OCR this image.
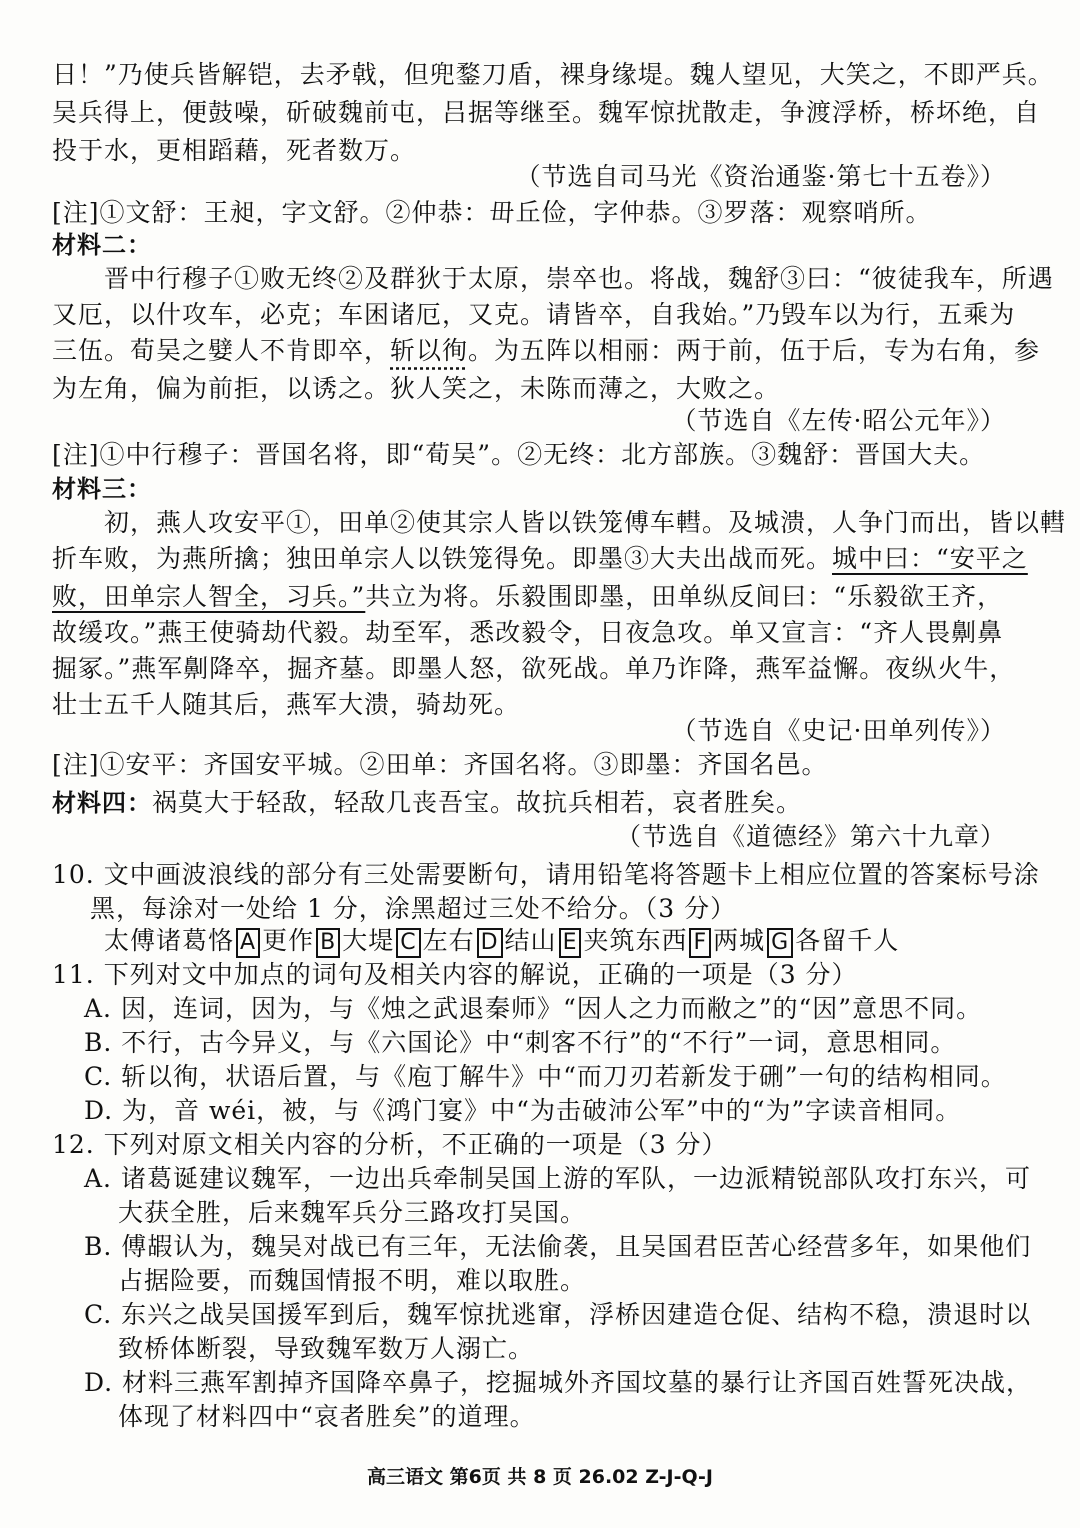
日！”乃使兵皆解铠，去矛戟，但兜鍪刀盾，裸身缘堤。魏人望见，大笑之，不即严兵。
吴兵得上，便鼓噪，斫破魏前屯，吕据等继至。魏军惊扰散走，争渡浮桥，桥坏绝，自
投于水，更相蹈藉，死者数万。
（节选自司马光《资治通鉴·第七十五卷》）
[注]①文舒：王昶，字文舒。②仲恭：毌丘俭，字仲恭。③罗落：观察哨所。
材料二：
晋中行穆子①败无终②及群狄于太原，崇卒也。将战，魏舒③曰：“彼徒我车，所遇
又厄，以什攻车，必克；车困诸厄，又克。请皆卒，自我始。”乃毁车以为行，五乘为
三伍。荀吴之嬖人不肯即卒，斩以徇。为五阵以相丽：两于前，伍于后，专为右角，参
为左角，偏为前拒，以诱之。狄人笑之，未陈而薄之，大败之。
（节选自《左传·昭公元年》）
[注]①中行穆子：晋国名将，即“荀吴”。②无终：北方部族。③魏舒：晋国大夫。
材料三：
初，燕人攻安平①，田单②使其宗人皆以铁笼傅车轊。及城溃，人争门而出，皆以轊
折车败，为燕所擒；独田单宗人以铁笼得免。即墨③大夫出战而死。城中曰：“安平之
败，田单宗人智全，习兵。”共立为将。乐毅围即墨，田单纵反间曰：“乐毅欲王齐，
故缓攻。”燕王使骑劫代毅。劫至军，悉改毅令，日夜急攻。单又宣言：“齐人畏劓鼻
掘冢。”燕军劓降卒，掘齐墓。即墨人怒，欲死战。单乃诈降，燕军益懈。夜纵火牛，
壮士五千人随其后，燕军大溃，骑劫死。
（节选自《史记·田单列传》）
[注]①安平：齐国安平城。②田单：齐国名将。③即墨：齐国名邑。
材料四：祸莫大于轻敌，轻敌几丧吾宝。故抗兵相若，哀者胜矣。
（节选自《道德经》第六十九章）
10. 文中画波浪线的部分有三处需要断句，请用铅笔将答题卡上相应位置的答案标号涂
黑，每涂对一处给 1 分，涂黑超过三处不给分。（3 分）
太傅诸葛恪 A 更作 B 大堤 C 左右 D 结山 E 夹筑东西 F 两城 G 各留千人
11. 下列对文中加点的词句及相关内容的解说，正确的一项是（3 分）
A. 因，连词，因为，与《烛之武退秦师》“因人之力而敝之”的“因”意思不同。
B. 不行，古今异义，与《六国论》中“刺客不行”的“不行”一词，意思相同。
C. 斩以徇，状语后置，与《庖丁解牛》中“而刀刃若新发于硎”一句的结构相同。
D. 为，音 wéi，被，与《鸿门宴》中“为击破沛公军”中的“为”字读音相同。
12. 下列对原文相关内容的分析，不正确的一项是（3 分）
A. 诸葛诞建议魏军，一边出兵牵制吴国上游的军队，一边派精锐部队攻打东兴，可
大获全胜，后来魏军兵分三路攻打吴国。
B. 傅嘏认为，魏吴对战已有三年，无法偷袭，且吴国君臣苦心经营多年，如果他们
占据险要，而魏国情报不明，难以取胜。
C. 东兴之战吴国援军到后，魏军惊扰逃窜，浮桥因建造仓促、结构不稳，溃退时以
致桥体断裂，导致魏军数万人溺亡。
D. 材料三燕军割掉齐国降卒鼻子，挖掘城外齐国坟墓的暴行让齐国百姓誓死决战，
体现了材料四中“哀者胜矣”的道理。
高三语文 第6页 共 8 页 26.02 Z-J-Q-J
